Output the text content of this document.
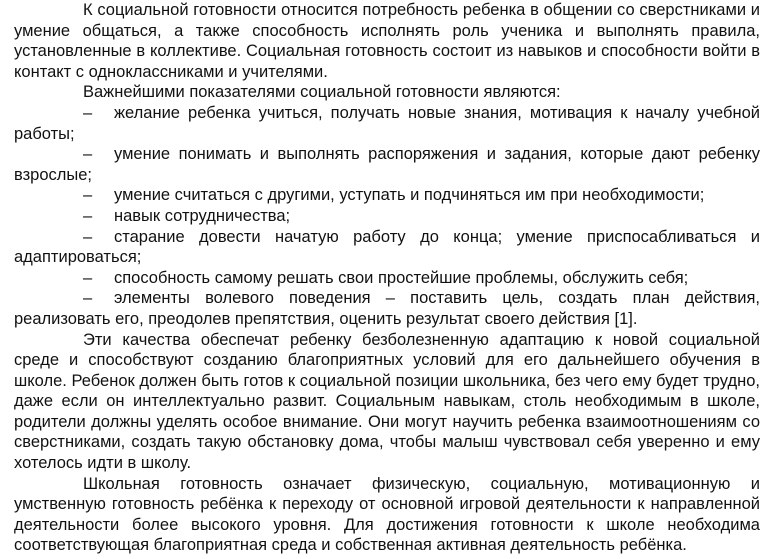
К социальной готовности относится потребность ребенка в общении со сверстниками и умение общаться, а также способность исполнять роль ученика и выполнять правила, установленные в коллективе. Социальная готовность состоит из навыков и способности войти в контакт с одноклассниками и учителями.

Важнейшими показателями социальной готовности являются:

– желание ребенка учиться, получать новые знания, мотивация к началу учебной работы;

– умение понимать и выполнять распоряжения и задания, которые дают ребенку взрослые;

– умение считаться с другими, уступать и подчиняться им при необходимости;

– навык сотрудничества;

– старание довести начатую работу до конца; умение приспосабливаться и адаптироваться;

– способность самому решать свои простейшие проблемы, обслужить себя;

– элементы волевого поведения – поставить цель, создать план действия, реализовать его, преодолев препятствия, оценить результат своего действия [1].

Эти качества обеспечат ребенку безболезненную адаптацию к новой социальной среде и способствуют созданию благоприятных условий для его дальнейшего обучения в школе. Ребенок должен быть готов к социальной позиции школьника, без чего ему будет трудно, даже если он интеллектуально развит. Социальным навыкам, столь необходимым в школе, родители должны уделять особое внимание. Они могут научить ребенка взаимоотношениям со сверстниками, создать такую обстановку дома, чтобы малыш чувствовал себя уверенно и ему хотелось идти в школу.

Школьная готовность означает физическую, социальную, мотивационную и умственную готовность ребёнка к переходу от основной игровой деятельности к направленной деятельности более высокого уровня. Для достижения готовности к школе необходима соответствующая благоприятная среда и собственная активная деятельность ребёнка.
